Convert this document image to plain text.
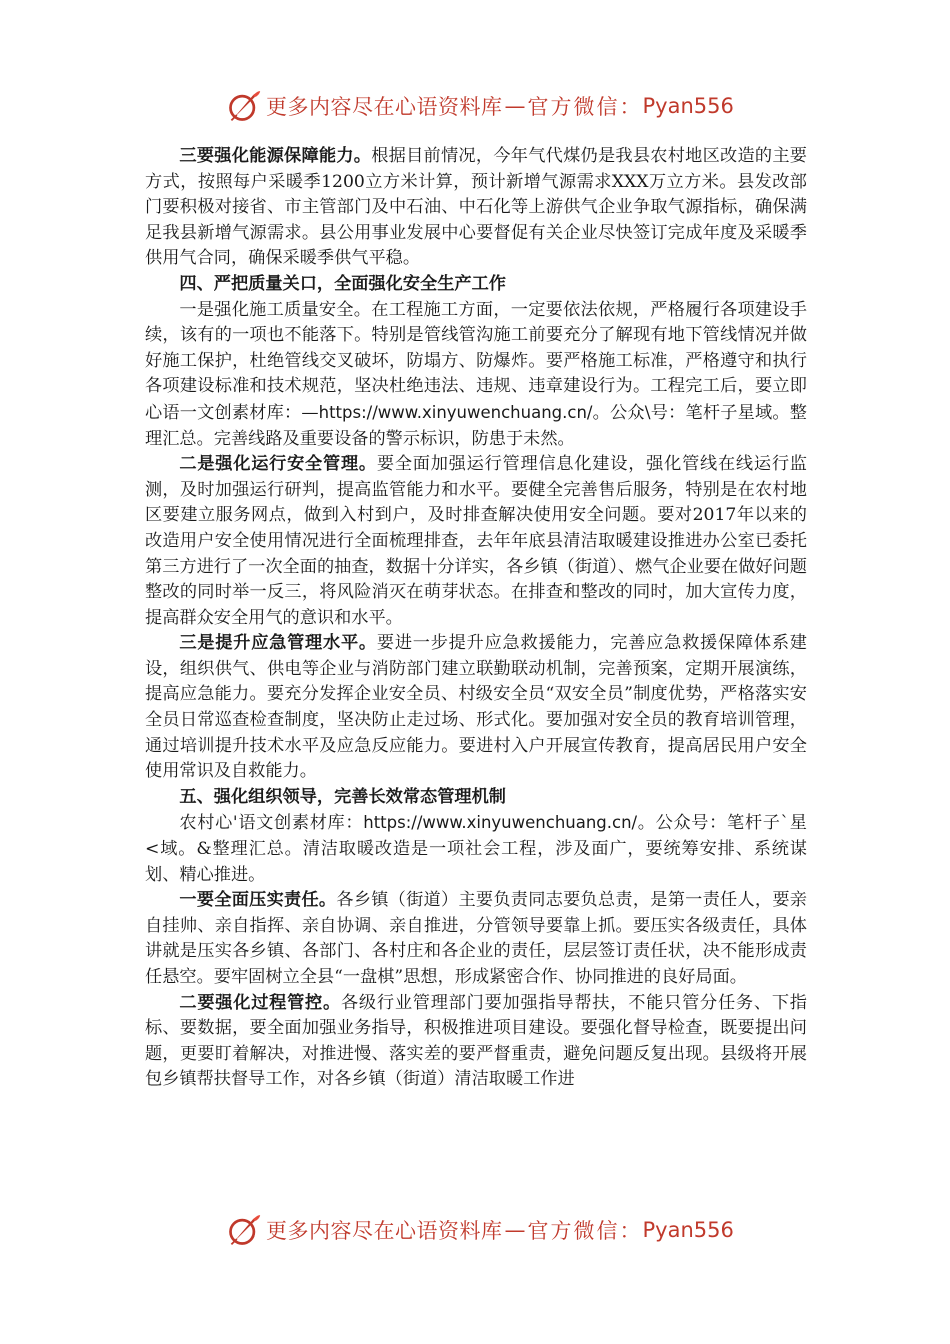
更多内容尽在心语资料库 — 官方微信： Pyan556

三要强化能源保障能力。根据目前情况，今年气代煤仍是我县农村地区改造的主要方式，按照每户采暖季1200立方米计算，预计新增气源需求XXX万立方米。县发改部门要积极对接省、市主管部门及中石油、中石化等上游供气企业争取气源指标，确保满足我县新增气源需求。县公用事业发展中心要督促有关企业尽快签订完成年度及采暖季供用气合同，确保采暖季供气平稳。

四、严把质量关口，全面强化安全生产工作

一是强化施工质量安全。在工程施工方面，一定要依法依规，严格履行各项建设手续，该有的一项也不能落下。特别是管线管沟施工前要充分了解现有地下管线情况并做好施工保护，杜绝管线交叉破坏，防塌方、防爆炸。要严格施工标准，严格遵守和执行各项建设标准和技术规范，坚决杜绝违法、违规、违章建设行为。工程完工后，要立即心语一文创素材库：—https://www.xinyuwenchuang.cn/。公众\号：笔杆子星域。整理汇总。完善线路及重要设备的警示标识，防患于未然。

二是强化运行安全管理。要全面加强运行管理信息化建设，强化管线在线运行监测，及时加强运行研判，提高监管能力和水平。要健全完善售后服务，特别是在农村地区要建立服务网点，做到入村到户，及时排查解决使用安全问题。要对2017年以来的改造用户安全使用情况进行全面梳理排查，去年年底县清洁取暖建设推进办公室已委托第三方进行了一次全面的抽查，数据十分详实，各乡镇（街道）、燃气企业要在做好问题整改的同时举一反三，将风险消灭在萌芽状态。在排查和整改的同时，加大宣传力度，提高群众安全用气的意识和水平。

三是提升应急管理水平。要进一步提升应急救援能力，完善应急救援保障体系建设，组织供气、供电等企业与消防部门建立联勤联动机制，完善预案，定期开展演练，提高应急能力。要充分发挥企业安全员、村级安全员“双安全员”制度优势，严格落实安全员日常巡查检查制度，坚决防止走过场、形式化。要加强对安全员的教育培训管理，通过培训提升技术水平及应急反应能力。要进村入户开展宣传教育，提高居民用户安全使用常识及自救能力。

五、强化组织领导，完善长效常态管理机制

农村心'语文创素材库：https://www.xinyuwenchuang.cn/。公众号：笔杆子`星<域。&整理汇总。清洁取暖改造是一项社会工程，涉及面广，要统筹安排、系统谋划、精心推进。

一要全面压实责任。各乡镇（街道）主要负责同志要负总责，是第一责任人，要亲自挂帅、亲自指挥、亲自协调、亲自推进，分管领导要靠上抓。要压实各级责任，具体讲就是压实各乡镇、各部门、各村庄和各企业的责任，层层签订责任状，决不能形成责任悬空。要牢固树立全县“一盘棋”思想，形成紧密合作、协同推进的良好局面。

二要强化过程管控。各级行业管理部门要加强指导帮扶，不能只管分任务、下指标、要数据，要全面加强业务指导，积极推进项目建设。要强化督导检查，既要提出问题，更要盯着解决，对推进慢、落实差的要严督重责，避免问题反复出现。县级将开展包乡镇帮扶督导工作，对各乡镇（街道）清洁取暖工作进

更多内容尽在心语资料库 — 官方微信： Pyan556
